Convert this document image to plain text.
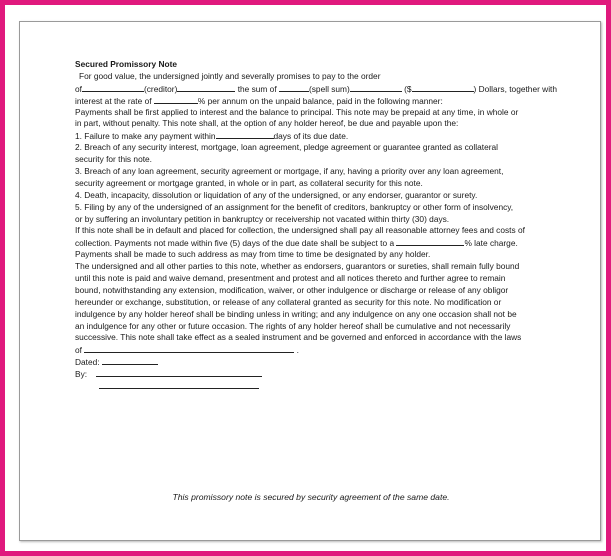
Secured Promissory Note
For good value, the undersigned jointly and severally promises to pay to the order
of	(creditor)	the sum of	(spell sum)	($	) Dollars, together with
interest at the rate of	% per annum on the unpaid balance, paid in the following manner:
Payments shall be first applied to interest and the balance to principal. This note may be prepaid at any time, in whole or
in part, without penalty. This note shall, at the option of any holder hereof, be due and payable upon the:
1. Failure to make any payment within	days of its due date.
2. Breach of any security interest, mortgage, loan agreement, pledge agreement or guarantee granted as collateral
security for this note.
3. Breach of any loan agreement, security agreement or mortgage, if any, having a priority over any loan agreement,
security agreement or mortgage granted, in whole or in part, as collateral security for this note.
4. Death, incapacity, dissolution or liquidation of any of the undersigned, or any endorser, guarantor or surety.
5. Filing by any of the undersigned of an assignment for the benefit of creditors, bankruptcy or other form of insolvency,
or by suffering an involuntary petition in bankruptcy or receivership not vacated within thirty (30) days.
If this note shall be in default and placed for collection, the undersigned shall pay all reasonable attorney fees and costs of
collection. Payments not made within five (5) days of the due date shall be subject to a	% late charge.
Payments shall be made to such address as may from time to time be designated by any holder.
The undersigned and all other parties to this note, whether as endorsers, guarantors or sureties, shall remain fully bound
until this note is paid and waive demand, presentment and protest and all notices thereto and further agree to remain
bound, notwithstanding any extension, modification, waiver, or other indulgence or discharge or release of any obligor
hereunder or exchange, substitution, or release of any collateral granted as security for this note. No modification or
indulgence by any holder hereof shall be binding unless in writing; and any indulgence on any one occasion shall not be
an indulgence for any other or future occasion. The rights of any holder hereof shall be cumulative and not necessarily
successive. This note shall take effect as a sealed instrument and be governed and enforced in accordance with the laws
of	.
Dated:
By:
This promissory note is secured by security agreement of the same date.
